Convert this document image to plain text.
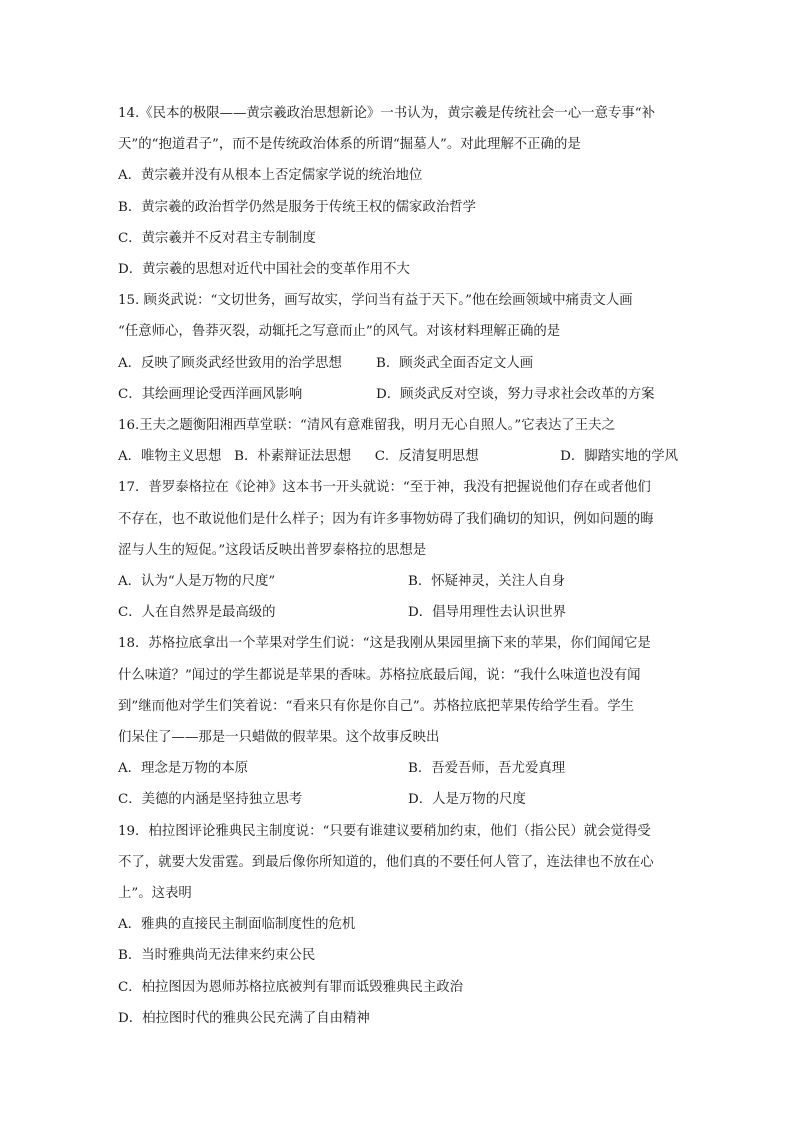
14.《民本的极限——黄宗羲政治思想新论》一书认为，黄宗羲是传统社会一心一意专事“补
天”的“抱道君子”，而不是传统政治体系的所谓“掘墓人”。对此理解不正确的是
A．黄宗羲并没有从根本上否定儒家学说的统治地位
B．黄宗羲的政治哲学仍然是服务于传统王权的儒家政治哲学
C．黄宗羲并不反对君主专制制度
D．黄宗羲的思想对近代中国社会的变革作用不大
15. 顾炎武说：“文切世务，画写故实，学问当有益于天下。”他在绘画领域中痛责文人画
“任意师心，鲁莽灭裂，动辄托之写意而止”的风气。对该材料理解正确的是
A．反映了顾炎武经世致用的治学思想	B．顾炎武全面否定文人画
C．其绘画理论受西洋画风影响	D．顾炎武反对空谈，努力寻求社会改革的方案
16.王夫之题衡阳湘西草堂联：“清风有意难留我，明月无心自照人。”它表达了王夫之
A．唯物主义思想 B．朴素辩证法思想	C．反清复明思想	D．脚踏实地的学风
17．普罗泰格拉在《论神》这本书一开头就说：“至于神，我没有把握说他们存在或者他们
不存在，也不敢说他们是什么样子；因为有许多事物妨碍了我们确切的知识，例如问题的晦
涩与人生的短促。”这段话反映出普罗泰格拉的思想是
A．认为“人是万物的尺度”	B．怀疑神灵，关注人自身
C．人在自然界是最高级的	D．倡导用理性去认识世界
18．苏格拉底拿出一个苹果对学生们说：“这是我刚从果园里摘下来的苹果，你们闻闻它是
什么味道？”闻过的学生都说是苹果的香味。苏格拉底最后闻，说：“我什么味道也没有闻
到”继而他对学生们笑着说：“看来只有你是你自己”。苏格拉底把苹果传给学生看。学生
们呆住了——那是一只蜡做的假苹果。这个故事反映出
A．理念是万物的本原	B．吾爱吾师，吾尤爱真理
C．美德的内涵是坚持独立思考	D．人是万物的尺度
19．柏拉图评论雅典民主制度说：“只要有谁建议要稍加约束，他们（指公民）就会觉得受
不了，就要大发雷霆。到最后像你所知道的，他们真的不要任何人管了，连法律也不放在心
上”。这表明
A．雅典的直接民主制面临制度性的危机
B．当时雅典尚无法律来约束公民
C．柏拉图因为恩师苏格拉底被判有罪而诋毁雅典民主政治
D．柏拉图时代的雅典公民充满了自由精神
